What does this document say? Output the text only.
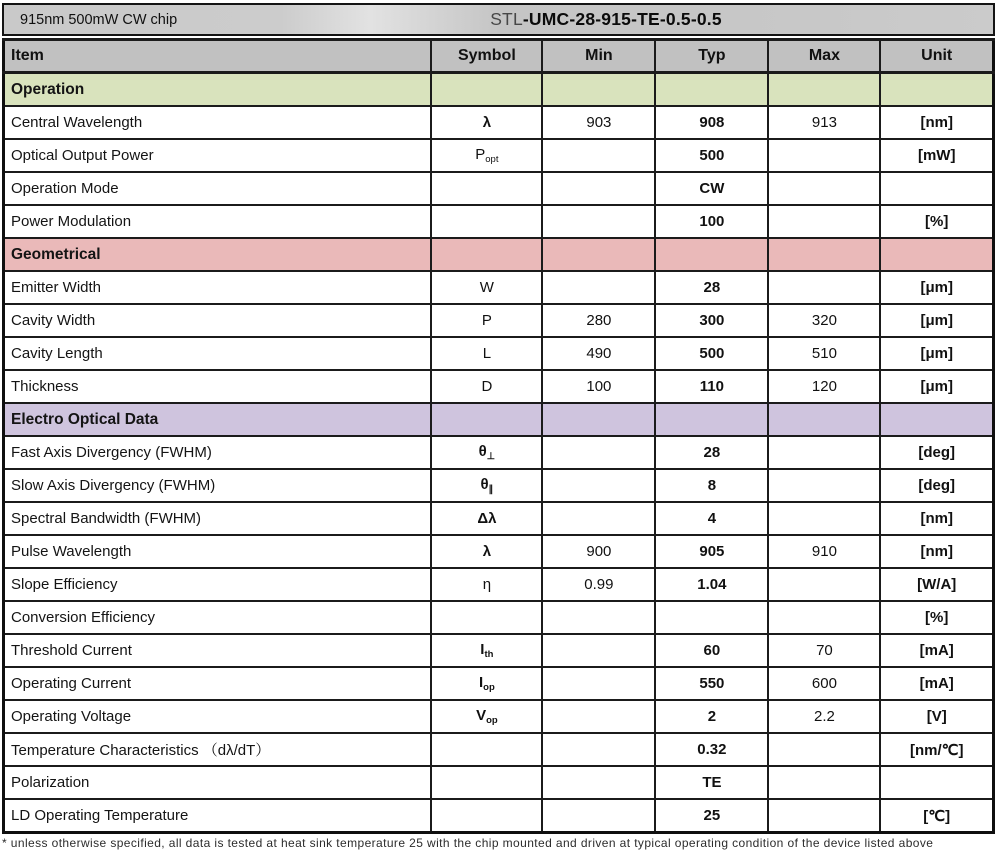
915nm 500mW CW chip	STL -UMC-28-915-TE-0.5-0.5
Item	Symbol	Min	Typ	Max	Unit
Operation					
Central Wavelength	λ	903	908	913	[nm]
Optical Output Power	$P_{opt}$		500		[mW]
Operation Mode			CW		
Power Modulation			100		[%]
Geometrical					
Emitter Width	W		28		[μm]
Cavity Width	P	280	300	320	[μm]
Cavity Length	L	490	500	510	[μm]
Thickness	D	100	110	120	[μm]
Electro Optical Data					
Fast Axis Divergency (FWHM)	$\theta_\perp$		28		[deg]
Slow Axis Divergency (FWHM)	$\theta_\parallel$		8		[deg]
Spectral Bandwidth (FWHM)	Δλ		4		[nm]
Pulse Wavelength	λ	900	905	910	[nm]
Slope Efficiency	η	0.99	1.04		[W/A]
Conversion Efficiency					[%]
Threshold Current	$I_{th}$		60	70	[mA]
Operating Current	$I_{op}$		550	600	[mA]
Operating Voltage	$V_{op}$		2	2.2	[V]
Temperature Characteristics （dλ/dT）			0.32		[nm/℃]
Polarization			TE		
LD Operating Temperature			25		[℃]
* unless otherwise specified, all data is tested at heat sink temperature 25 with the chip mounted and driven at typical operating condition of the device listed above
